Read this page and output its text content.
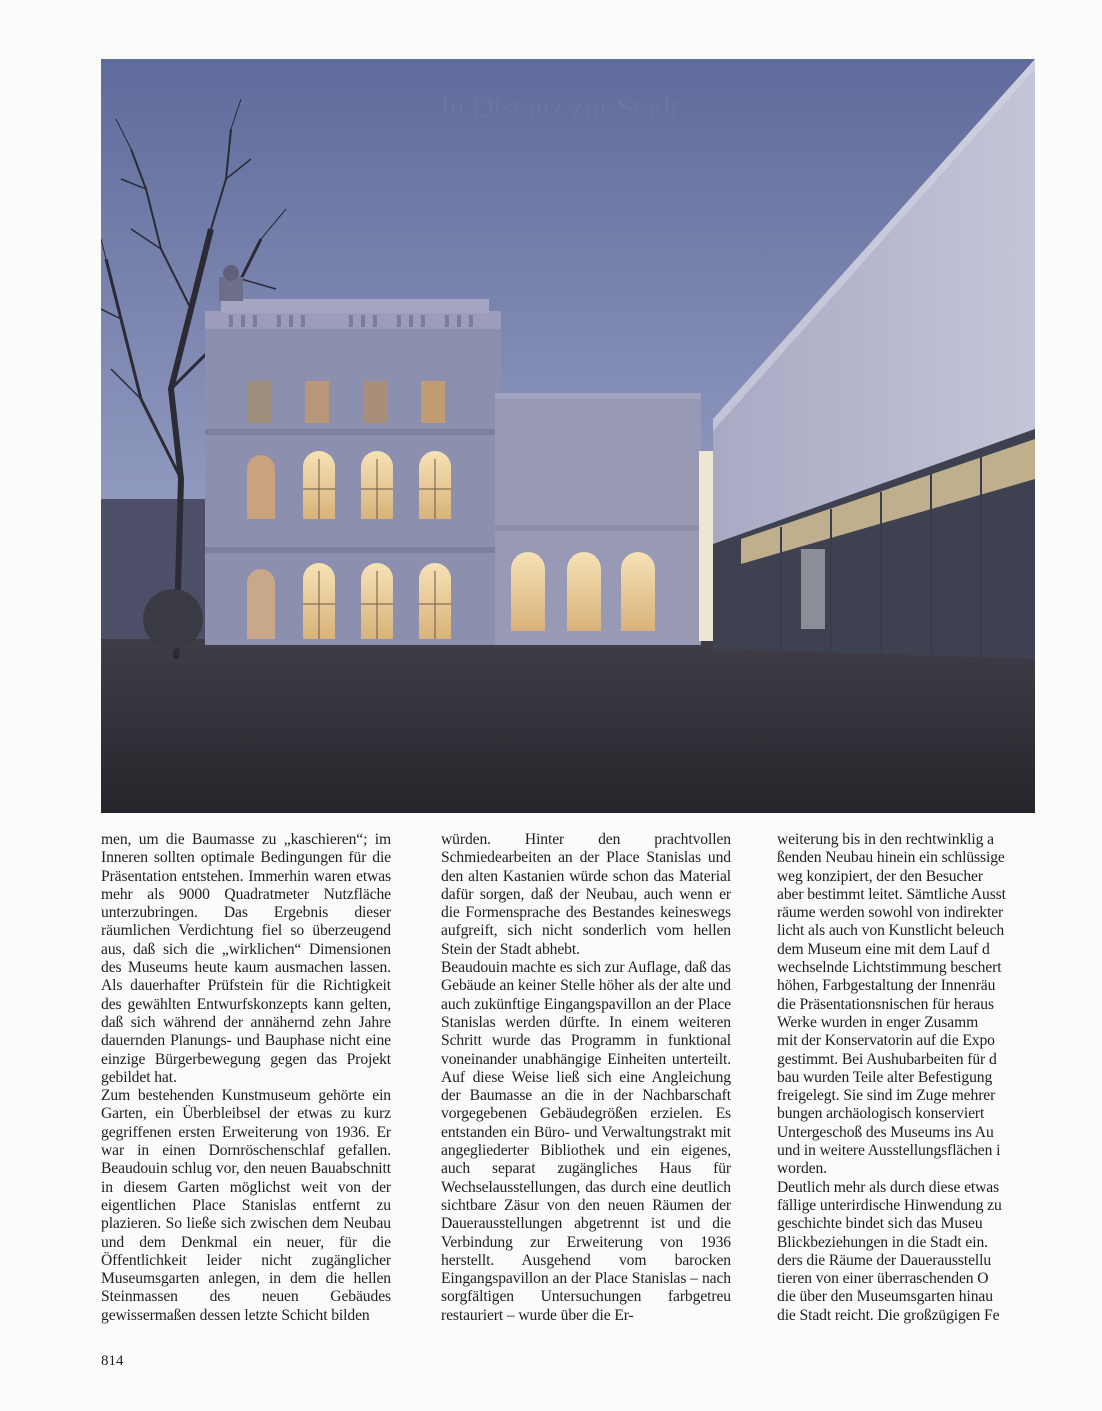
ln Distanz zur Stadt

men, um die Baumasse zu „kaschieren“; im Inneren sollten optimale Bedingungen für die Präsentation entstehen. Immerhin waren etwas mehr als 9000 Quadratmeter Nutzfläche unterzubringen. Das Ergebnis dieser räumlichen Verdichtung fiel so überzeugend aus, daß sich die „wirklichen“ Dimensionen des Museums heute kaum ausmachen lassen. Als dauerhafter Prüfstein für die Richtigkeit des gewählten Entwurfskonzepts kann gelten, daß sich während der annähernd zehn Jahre dauernden Planungs- und Bauphase nicht eine einzige Bürgerbewegung gegen das Projekt gebildet hat.

Zum bestehenden Kunstmuseum gehörte ein Garten, ein Überbleibsel der etwas zu kurz gegriffenen ersten Erweiterung von 1936. Er war in einen Dornröschenschlaf gefallen. Beaudouin schlug vor, den neuen Bauabschnitt in diesem Garten möglichst weit von der eigentlichen Place Stanislas entfernt zu plazieren. So ließe sich zwischen dem Neubau und dem Denkmal ein neuer, für die Öffentlichkeit leider nicht zugänglicher Museumsgarten anlegen, in dem die hellen Steinmassen des neuen Gebäudes gewissermaßen dessen letzte Schicht bilden

würden. Hinter den prachtvollen Schmiedearbeiten an der Place Stanislas und den alten Kastanien würde schon das Material dafür sorgen, daß der Neubau, auch wenn er die Formensprache des Bestandes keineswegs aufgreift, sich nicht sonderlich vom hellen Stein der Stadt abhebt.

Beaudouin machte es sich zur Auflage, daß das Gebäude an keiner Stelle höher als der alte und auch zukünftige Eingangspavillon an der Place Stanislas werden dürfte. In einem weiteren Schritt wurde das Programm in funktional voneinander unabhängige Einheiten unterteilt. Auf diese Weise ließ sich eine Angleichung der Baumasse an die in der Nachbarschaft vorgegebenen Gebäudegrößen erzielen. Es entstanden ein Büro- und Verwaltungstrakt mit angegliederter Bibliothek und ein eigenes, auch separat zugängliches Haus für Wechselausstellungen, das durch eine deutlich sichtbare Zäsur von den neuen Räumen der Dauerausstellungen abgetrennt ist und die Verbindung zur Erweiterung von 1936 herstellt. Ausgehend vom barocken Eingangspavillon an der Place Stanislas – nach sorgfältigen Untersuchungen farbgetreu restauriert – wurde über die Er-

weiterung bis in den rechtwinklig a
ßenden Neubau hinein ein schlüssige
weg konzipiert, der den Besucher
aber bestimmt leitet. Sämtliche Ausst
räume werden sowohl von indirekter
licht als auch von Kunstlicht beleuch
dem Museum eine mit dem Lauf d
wechselnde Lichtstimmung beschert
höhen, Farbgestaltung der Innenräu
die Präsentationsnischen für heraus
Werke wurden in enger Zusamm
mit der Konservatorin auf die Expo
gestimmt. Bei Aushubarbeiten für d
bau wurden Teile alter Befestigung
freigelegt. Sie sind im Zuge mehrer
bungen archäologisch konserviert
Untergeschoß des Museums ins Au
und in weitere Ausstellungsflächen i
worden.

Deutlich mehr als durch diese etwas
fällige unterirdische Hinwendung zu
geschichte bindet sich das Museu
Blickbeziehungen in die Stadt ein.
ders die Räume der Dauerausstellu
tieren von einer überraschenden O
die über den Museumsgarten hinau
die Stadt reicht. Die großzügigen Fe

814
